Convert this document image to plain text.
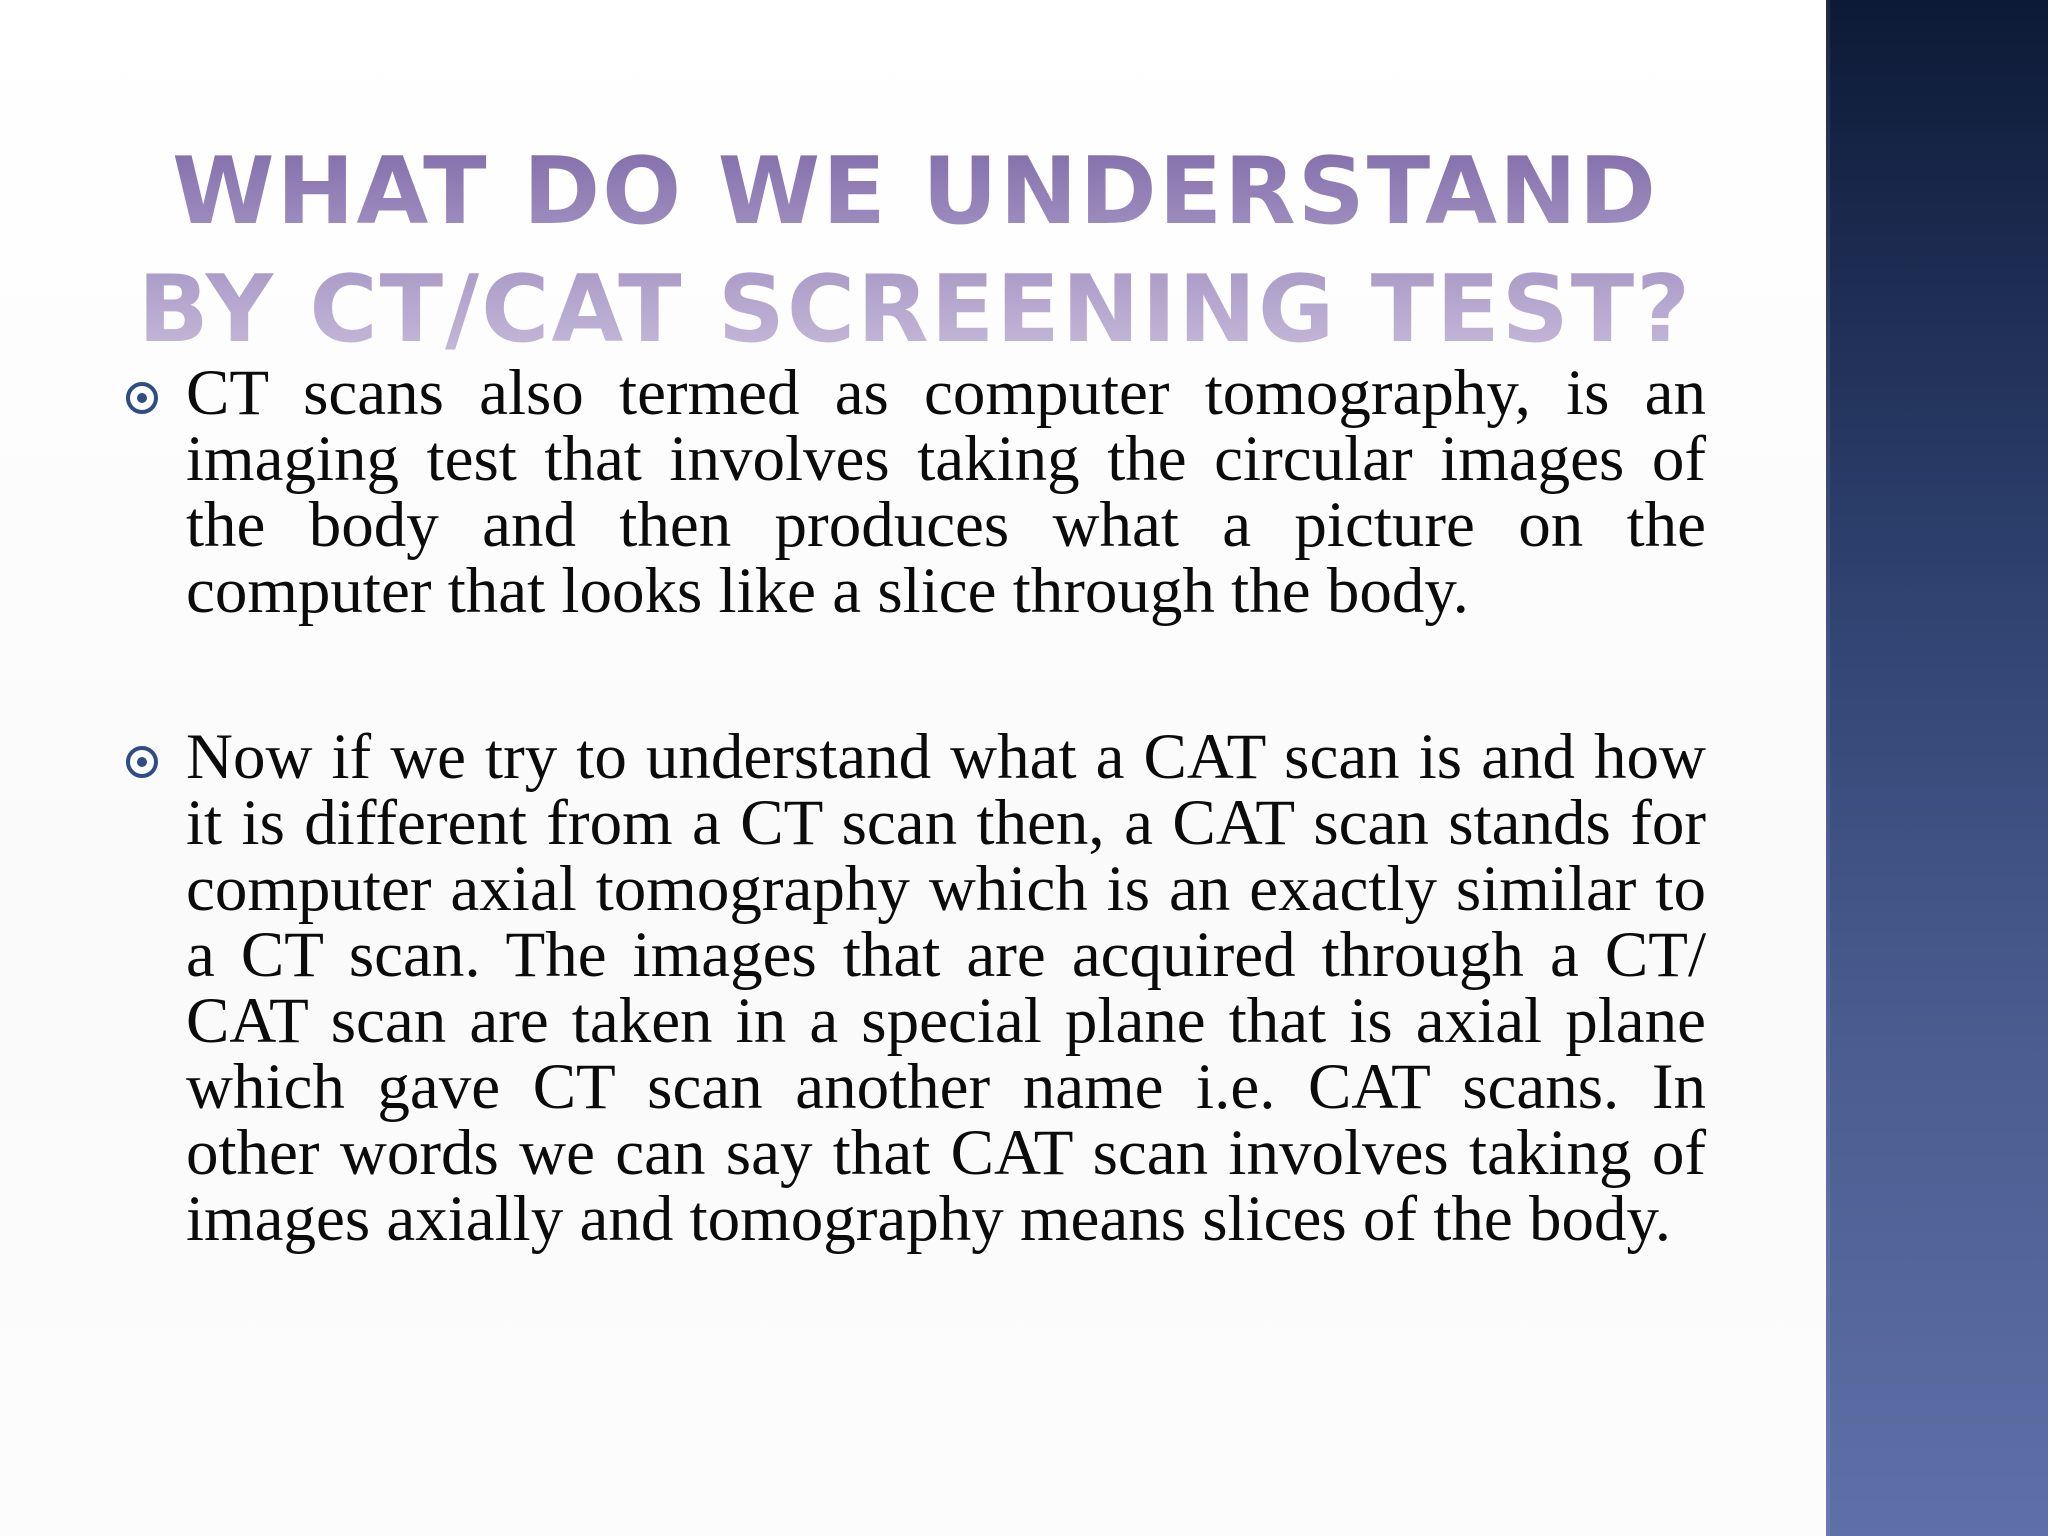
WHAT DO WE UNDERSTAND BY CT/CAT SCREENING TEST?
CT scans also termed as computer tomography, is an imaging test that involves taking the circular images of the body and then produces what a picture on the computer that looks like a slice through the body.
Now if we try to understand what a CAT scan is and how it is different from a CT scan then, a CAT scan stands for computer axial tomography which is an exactly similar to a CT scan. The images that are acquired through a CT/ CAT scan are taken in a special plane that is axial plane which gave CT scan another name i.e. CAT scans. In other words we can say that CAT scan involves taking of images axially and tomography means slices of the body.
